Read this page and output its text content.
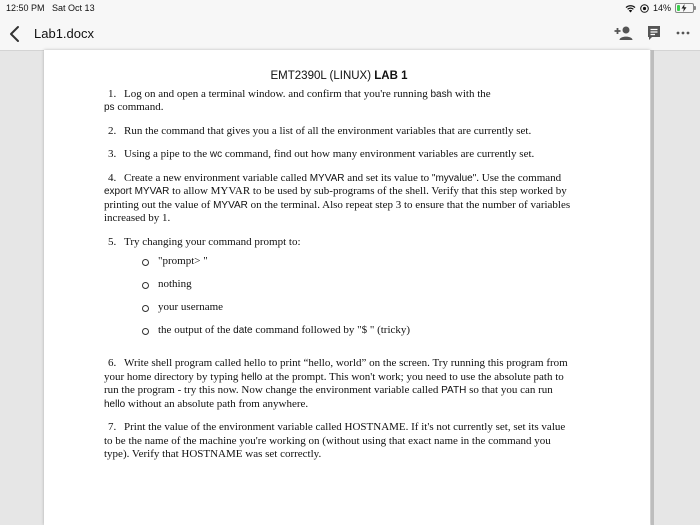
12:50 PM Sat Oct 13	14%
Lab1.docx
EMT2390L (LINUX) LAB 1
1. Log on and open a terminal window. and confirm that you're running bash with the
ps command.
2. Run the command that gives you a list of all the environment variables that are currently set.
3. Using a pipe to the wc command, find out how many environment variables are currently set.
4. Create a new environment variable called MYVAR and set its value to "myvalue". Use the command export MYVAR to allow MYVAR to be used by sub-programs of the shell. Verify that this step worked by printing out the value of MYVAR on the terminal. Also repeat step 3 to ensure that the number of variables increased by 1.
5. Try changing your command prompt to:
"prompt> "
nothing
your username
the output of the date command followed by "$ " (tricky)
6. Write shell program called hello to print “hello, world” on the screen. Try running this program from your home directory by typing hello at the prompt. This won't work; you need to use the absolute path to run the program - try this now. Now change the environment variable called PATH so that you can run hello without an absolute path from anywhere.
7. Print the value of the environment variable called HOSTNAME. If it's not currently set, set its value to be the name of the machine you're working on (without using that exact name in the command you type). Verify that HOSTNAME was set correctly.
